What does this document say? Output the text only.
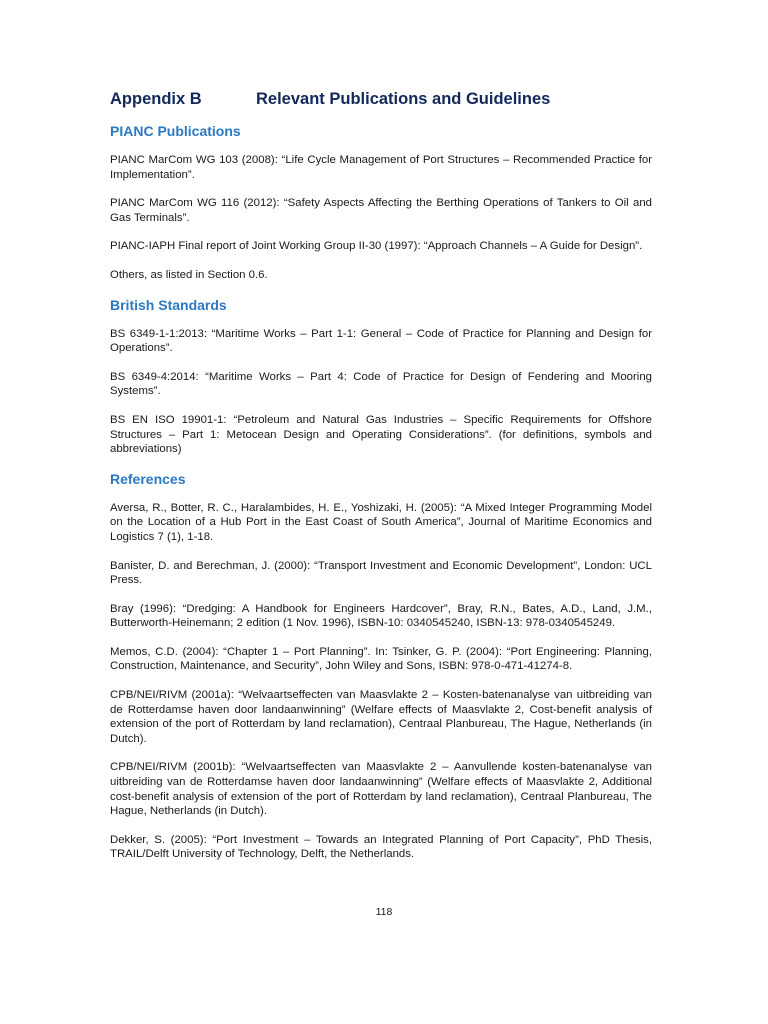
Appendix B	Relevant Publications and Guidelines
PIANC Publications

PIANC MarCom WG 103 (2008): “Life Cycle Management of Port Structures – Recommended Practice for Implementation”.

PIANC MarCom WG 116 (2012): “Safety Aspects Affecting the Berthing Operations of Tankers to Oil and Gas Terminals”.

PIANC-IAPH Final report of Joint Working Group II-30 (1997): “Approach Channels – A Guide for Design”.

Others, as listed in Section 0.6.

British Standards

BS 6349-1-1:2013: “Maritime Works – Part 1-1: General – Code of Practice for Planning and Design for Operations”.

BS 6349-4:2014: “Maritime Works – Part 4: Code of Practice for Design of Fendering and Mooring Systems”.

BS EN ISO 19901-1: “Petroleum and Natural Gas Industries – Specific Requirements for Offshore Structures – Part 1: Metocean Design and Operating Considerations”. (for definitions, symbols and abbreviations)

References

Aversa, R., Botter, R. C., Haralambides, H. E., Yoshizaki, H. (2005): “A Mixed Integer Programming Model on the Location of a Hub Port in the East Coast of South America”, Journal of Maritime Economics and Logistics 7 (1), 1-18.

Banister, D. and Berechman, J. (2000): “Transport Investment and Economic Development”, London: UCL Press.

Bray (1996): “Dredging: A Handbook for Engineers Hardcover”, Bray, R.N., Bates, A.D., Land, J.M., Butterworth-Heinemann; 2 edition (1 Nov. 1996), ISBN-10: 0340545240, ISBN-13: 978-0340545249.

Memos, C.D. (2004): “Chapter 1 – Port Planning”. In: Tsinker, G. P. (2004): “Port Engineering: Planning, Construction, Maintenance, and Security”, John Wiley and Sons, ISBN: 978-0-471-41274-8.

CPB/NEI/RIVM (2001a): “Welvaartseffecten van Maasvlakte 2 – Kosten-batenanalyse van uitbreiding van de Rotterdamse haven door landaanwinning” (Welfare effects of Maasvlakte 2, Cost-benefit analysis of extension of the port of Rotterdam by land reclamation), Centraal Planbureau, The Hague, Netherlands (in Dutch).

CPB/NEI/RIVM (2001b): “Welvaartseffecten van Maasvlakte 2 – Aanvullende kosten-batenanalyse van uitbreiding van de Rotterdamse haven door landaanwinning” (Welfare effects of Maasvlakte 2, Additional cost-benefit analysis of extension of the port of Rotterdam by land reclamation), Centraal Planbureau, The Hague, Netherlands (in Dutch).

Dekker, S. (2005): “Port Investment – Towards an Integrated Planning of Port Capacity”, PhD Thesis, TRAIL/Delft University of Technology, Delft, the Netherlands.

118
